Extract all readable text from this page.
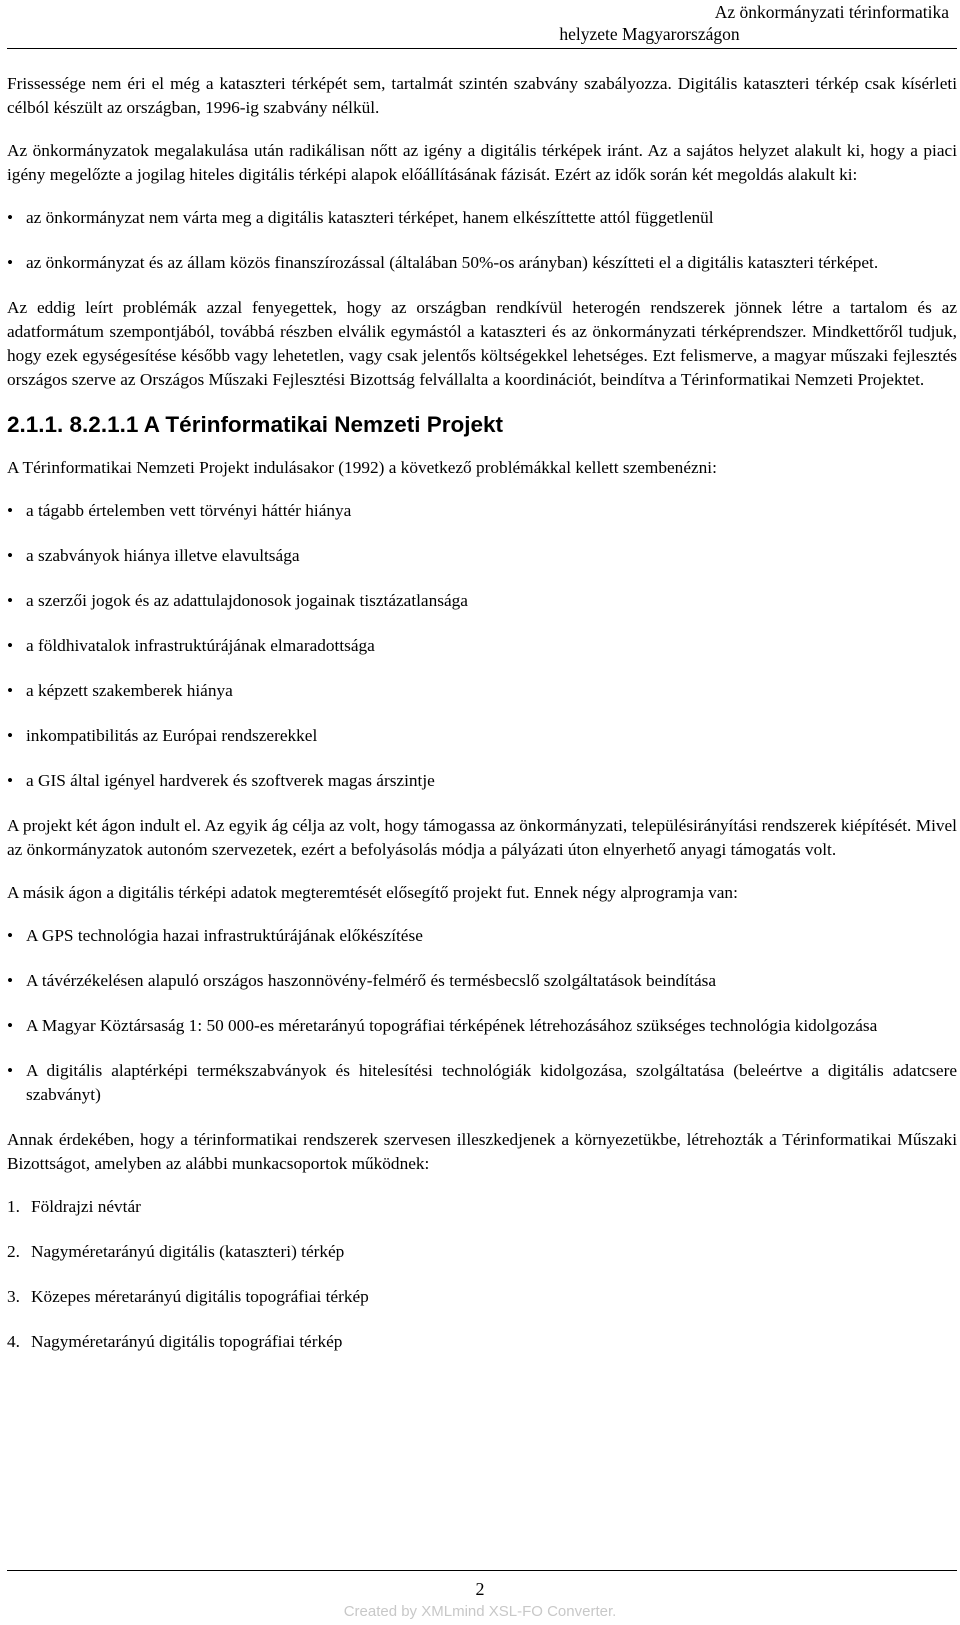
Az önkormányzati térinformatika
helyzete Magyarországon

Frissessége nem éri el még a kataszteri térképét sem, tartalmát szintén szabvány szabályozza. Digitális kataszteri térkép csak kísérleti célból készült az országban, 1996-ig szabvány nélkül.

Az önkormányzatok megalakulása után radikálisan nőtt az igény a digitális térképek iránt. Az a sajátos helyzet alakult ki, hogy a piaci igény megelőzte a jogilag hiteles digitális térképi alapok előállításának fázisát. Ezért az idők során két megoldás alakult ki:

• az önkormányzat nem várta meg a digitális kataszteri térképet, hanem elkészíttette attól függetlenül
• az önkormányzat és az állam közös finanszírozással (általában 50%-os arányban) készítteti el a digitális kataszteri térképet.

Az eddig leírt problémák azzal fenyegettek, hogy az országban rendkívül heterogén rendszerek jönnek létre a tartalom és az adatformátum szempontjából, továbbá részben elválik egymástól a kataszteri és az önkormányzati térképrendszer. Mindkettőről tudjuk, hogy ezek egységesítése később vagy lehetetlen, vagy csak jelentős költségekkel lehetséges. Ezt felismerve, a magyar műszaki fejlesztés országos szerve az Országos Műszaki Fejlesztési Bizottság felvállalta a koordinációt, beindítva a Térinformatikai Nemzeti Projektet.

2.1.1. 8.2.1.1 A Térinformatikai Nemzeti Projekt

A Térinformatikai Nemzeti Projekt indulásakor (1992) a következő problémákkal kellett szembenézni:

• a tágabb értelemben vett törvényi háttér hiánya
• a szabványok hiánya illetve elavultsága
• a szerzői jogok és az adattulajdonosok jogainak tisztázatlansága
• a földhivatalok infrastruktúrájának elmaradottsága
• a képzett szakemberek hiánya
• inkompatibilitás az Európai rendszerekkel
• a GIS által igényel hardverek és szoftverek magas árszintje

A projekt két ágon indult el. Az egyik ág célja az volt, hogy támogassa az önkormányzati, településirányítási rendszerek kiépítését. Mivel az önkormányzatok autonóm szervezetek, ezért a befolyásolás módja a pályázati úton elnyerhető anyagi támogatás volt.

A másik ágon a digitális térképi adatok megteremtését elősegítő projekt fut. Ennek négy alprogramja van:

• A GPS technológia hazai infrastruktúrájának előkészítése
• A távérzékelésen alapuló országos haszonnövény-felmérő és termésbecslő szolgáltatások beindítása
• A Magyar Köztársaság 1: 50 000-es méretarányú topográfiai térképének létrehozásához szükséges technológia kidolgozása
• A digitális alaptérképi termékszabványok és hitelesítési technológiák kidolgozása, szolgáltatása (beleértve a digitális adatcsere szabványt)

Annak érdekében, hogy a térinformatikai rendszerek szervesen illeszkedjenek a környezetükbe, létrehozták a Térinformatikai Műszaki Bizottságot, amelyben az alábbi munkacsoportok működnek:

1. Földrajzi névtár
2. Nagyméretarányú digitális (kataszteri) térkép
3. Közepes méretarányú digitális topográfiai térkép
4. Nagyméretarányú digitális topográfiai térkép
2
Created by XMLmind XSL-FO Converter.
